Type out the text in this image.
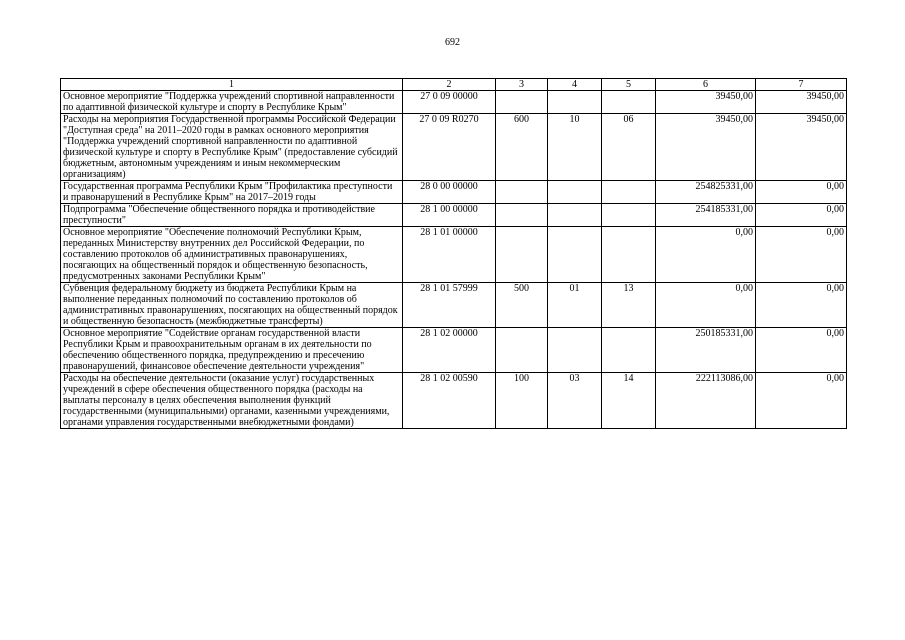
692
1	2	3	4	5	6	7
Основное мероприятие "Поддержка учреждений спортивной направленности по адаптивной физической культуре и спорту в Республике Крым"	27 0 09 00000				39450,00	39450,00
Расходы на мероприятия Государственной программы Российской Федерации "Доступная среда" на 2011–2020 годы в рамках основного мероприятия "Поддержка учреждений спортивной направленности по адаптивной физической культуре и спорту в Республике Крым" (предоставление субсидий бюджетным, автономным учреждениям и иным некоммерческим организациям)	27 0 09 R0270	600	10	06	39450,00	39450,00
Государственная программа Республики Крым "Профилактика преступности и правонарушений в Республике Крым" на 2017–2019 годы	28 0 00 00000				254825331,00	0,00
Подпрограмма "Обеспечение общественного порядка и противодействие преступности"	28 1 00 00000				254185331,00	0,00
Основное мероприятие "Обеспечение полномочий Республики Крым, переданных Министерству внутренних дел Российской Федерации, по составлению протоколов об административных правонарушениях, посягающих на общественный порядок и общественную безопасность, предусмотренных законами Республики Крым"	28 1 01 00000				0,00	0,00
Субвенция федеральному бюджету из бюджета Республики Крым на выполнение переданных полномочий по составлению протоколов об административных правонарушениях, посягающих на общественный порядок и общественную безопасность (межбюджетные трансферты)	28 1 01 57999	500	01	13	0,00	0,00
Основное мероприятие "Содействие органам государственной власти Республики Крым и правоохранительным органам в их деятельности по обеспечению общественного порядка, предупреждению и пресечению правонарушений, финансовое обеспечение деятельности учреждения"	28 1 02 00000				250185331,00	0,00
Расходы на обеспечение деятельности (оказание услуг) государственных учреждений в сфере обеспечения общественного порядка (расходы на выплаты персоналу в целях обеспечения выполнения функций государственными (муниципальными) органами, казенными учреждениями, органами управления государственными внебюджетными фондами)	28 1 02 00590	100	03	14	222113086,00	0,00
